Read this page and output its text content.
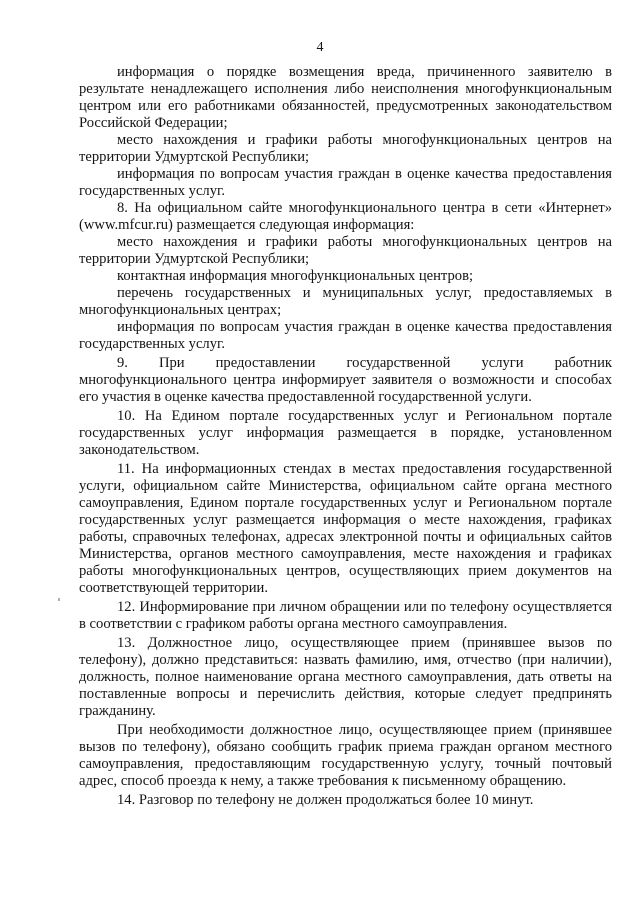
4

информация о порядке возмещения вреда, причиненного заявителю в результате ненадлежащего исполнения либо неисполнения многофункциональным центром или его работниками обязанностей, предусмотренных законодательством Российской Федерации;

место нахождения и графики работы многофункциональных центров на территории Удмуртской Республики;

информация по вопросам участия граждан в оценке качества предоставления государственных услуг.

8. На официальном сайте многофункционального центра в сети «Интернет» (www.mfcur.ru) размещается следующая информация:

место нахождения и графики работы многофункциональных центров на территории Удмуртской Республики;

контактная информация многофункциональных центров;

перечень государственных и муниципальных услуг, предоставляемых в многофункциональных центрах;

информация по вопросам участия граждан в оценке качества предоставления государственных услуг.

9. При предоставлении государственной услуги работник многофункционального центра информирует заявителя о возможности и способах его участия в оценке качества предоставленной государственной услуги.

10. На Едином портале государственных услуг и Региональном портале государственных услуг информация размещается в порядке, установленном законодательством.

11. На информационных стендах в местах предоставления государственной услуги, официальном сайте Министерства, официальном сайте органа местного самоуправления, Едином портале государственных услуг и Региональном портале государственных услуг размещается информация о месте нахождения, графиках работы, справочных телефонах, адресах электронной почты и официальных сайтов Министерства, органов местного самоуправления, месте нахождения и графиках работы многофункциональных центров, осуществляющих прием документов на соответствующей территории.

12. Информирование при личном обращении или по телефону осуществляется в соответствии с графиком работы органа местного самоуправления.

13. Должностное лицо, осуществляющее прием (принявшее вызов по телефону), должно представиться: назвать фамилию, имя, отчество (при наличии), должность, полное наименование органа местного самоуправления, дать ответы на поставленные вопросы и перечислить действия, которые следует предпринять гражданину.

При необходимости должностное лицо, осуществляющее прием (принявшее вызов по телефону), обязано сообщить график приема граждан органом местного самоуправления, предоставляющим государственную услугу, точный почтовый адрес, способ проезда к нему, а также требования к письменному обращению.

14. Разговор по телефону не должен продолжаться более 10 минут.
